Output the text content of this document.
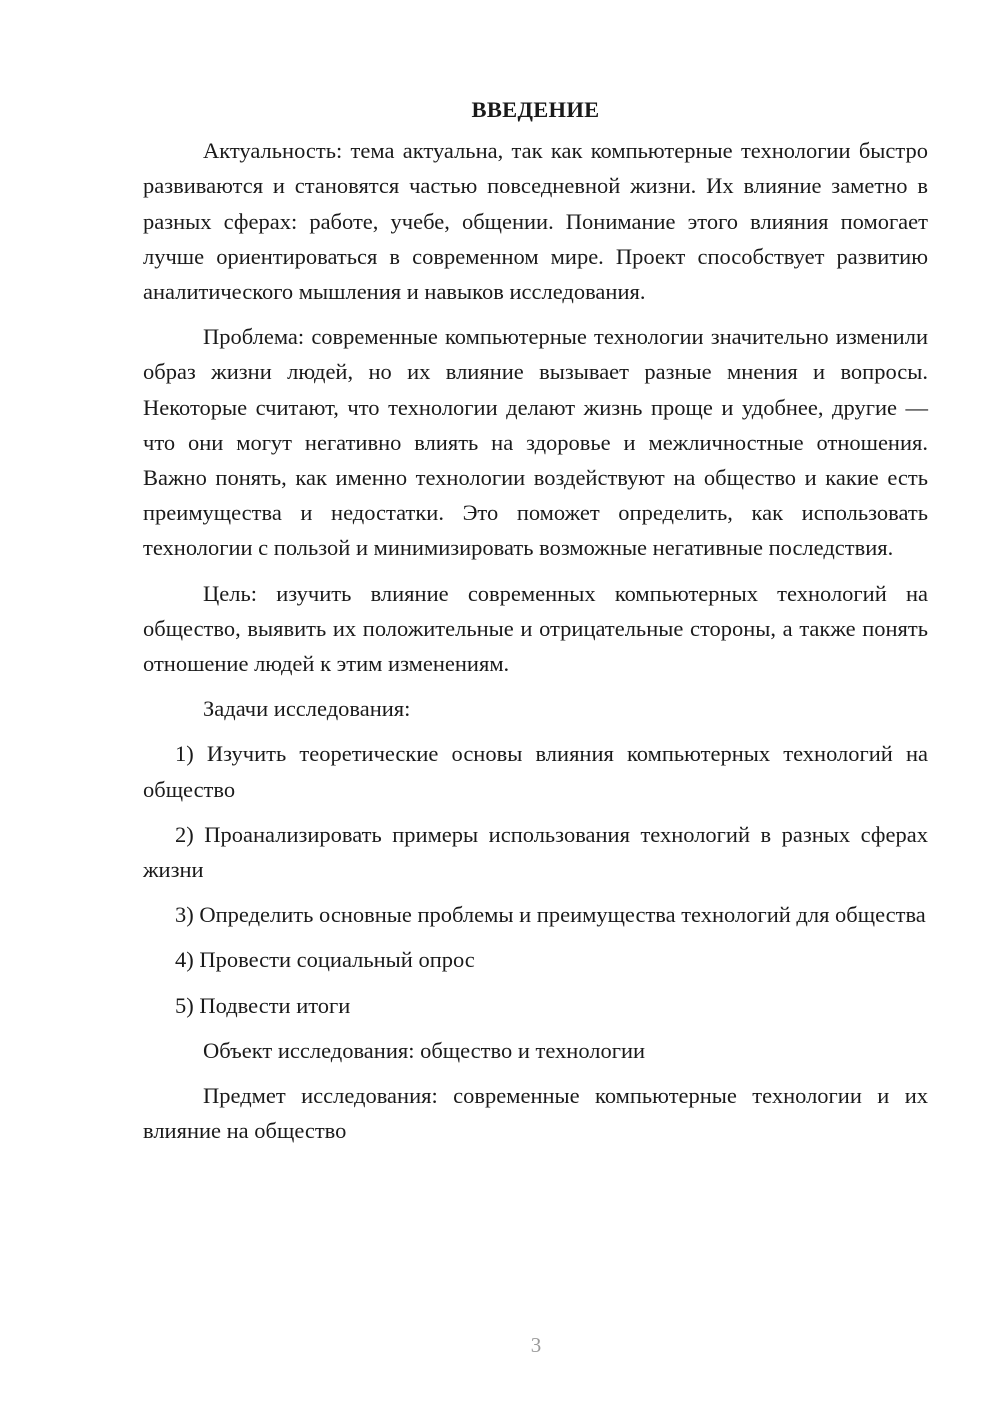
ВВЕДЕНИЕ

Актуальность: тема актуальна, так как компьютерные технологии быстро развиваются и становятся частью повседневной жизни. Их влияние заметно в разных сферах: работе, учебе, общении. Понимание этого влияния помогает лучше ориентироваться в современном мире. Проект способствует развитию аналитического мышления и навыков исследования.

Проблема: современные компьютерные технологии значительно изменили образ жизни людей, но их влияние вызывает разные мнения и вопросы. Некоторые считают, что технологии делают жизнь проще и удобнее, другие — что они могут негативно влиять на здоровье и межличностные отношения. Важно понять, как именно технологии воздействуют на общество и какие есть преимущества и недостатки. Это поможет определить, как использовать технологии с пользой и минимизировать возможные негативные последствия.

Цель: изучить влияние современных компьютерных технологий на общество, выявить их положительные и отрицательные стороны, а также понять отношение людей к этим изменениям.

Задачи исследования:

1) Изучить теоретические основы влияния компьютерных технологий на общество

2) Проанализировать примеры использования технологий в разных сферах жизни

3) Определить основные проблемы и преимущества технологий для общества

4) Провести социальный опрос

5) Подвести итоги

Объект исследования: общество и технологии

Предмет исследования: современные компьютерные технологии и их влияние на общество

3
